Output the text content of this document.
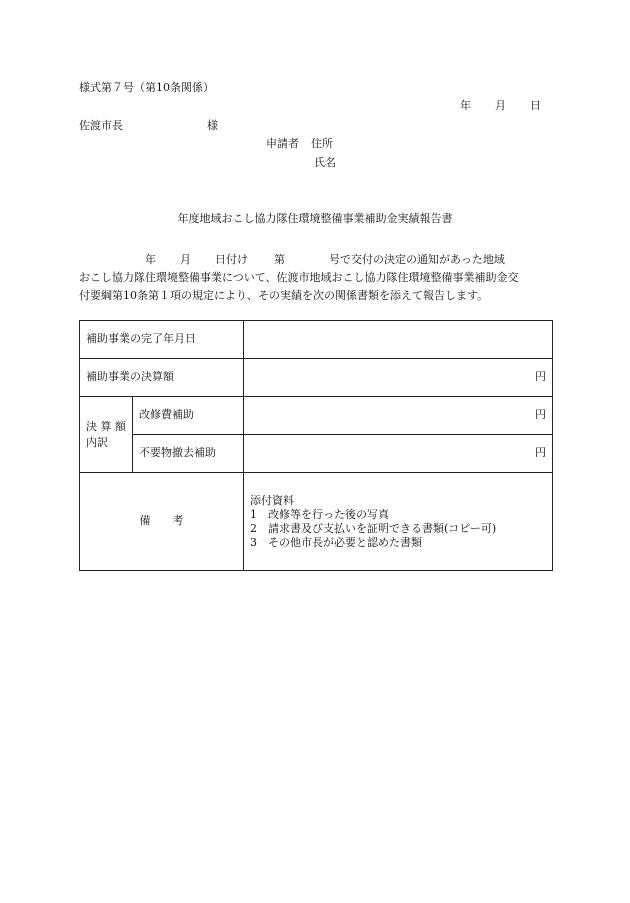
様式第７号（第10条関係）
年 月 日
佐渡市長	様
申請者 住所
氏名
年度地域おこし協力隊住環境整備事業補助金実績報告書
年 月 日付け 第	号で交付の決定の通知があった地域
おこし協力隊住環境整備事業について、佐渡市地域おこし協力隊住環境整備事業補助金交
付要綱第10条第１項の規定により、その実績を次の関係書類を添えて報告します。
補助事業の完了年月日		
補助事業の決算額		円
決 算 額
内訳	改修費補助	円
	不要物撤去補助	円
備　　考		添付資料
1 改修等を行った後の写真
2 請求書及び支払いを証明できる書類(コピー可)
3 その他市長が必要と認めた書類
